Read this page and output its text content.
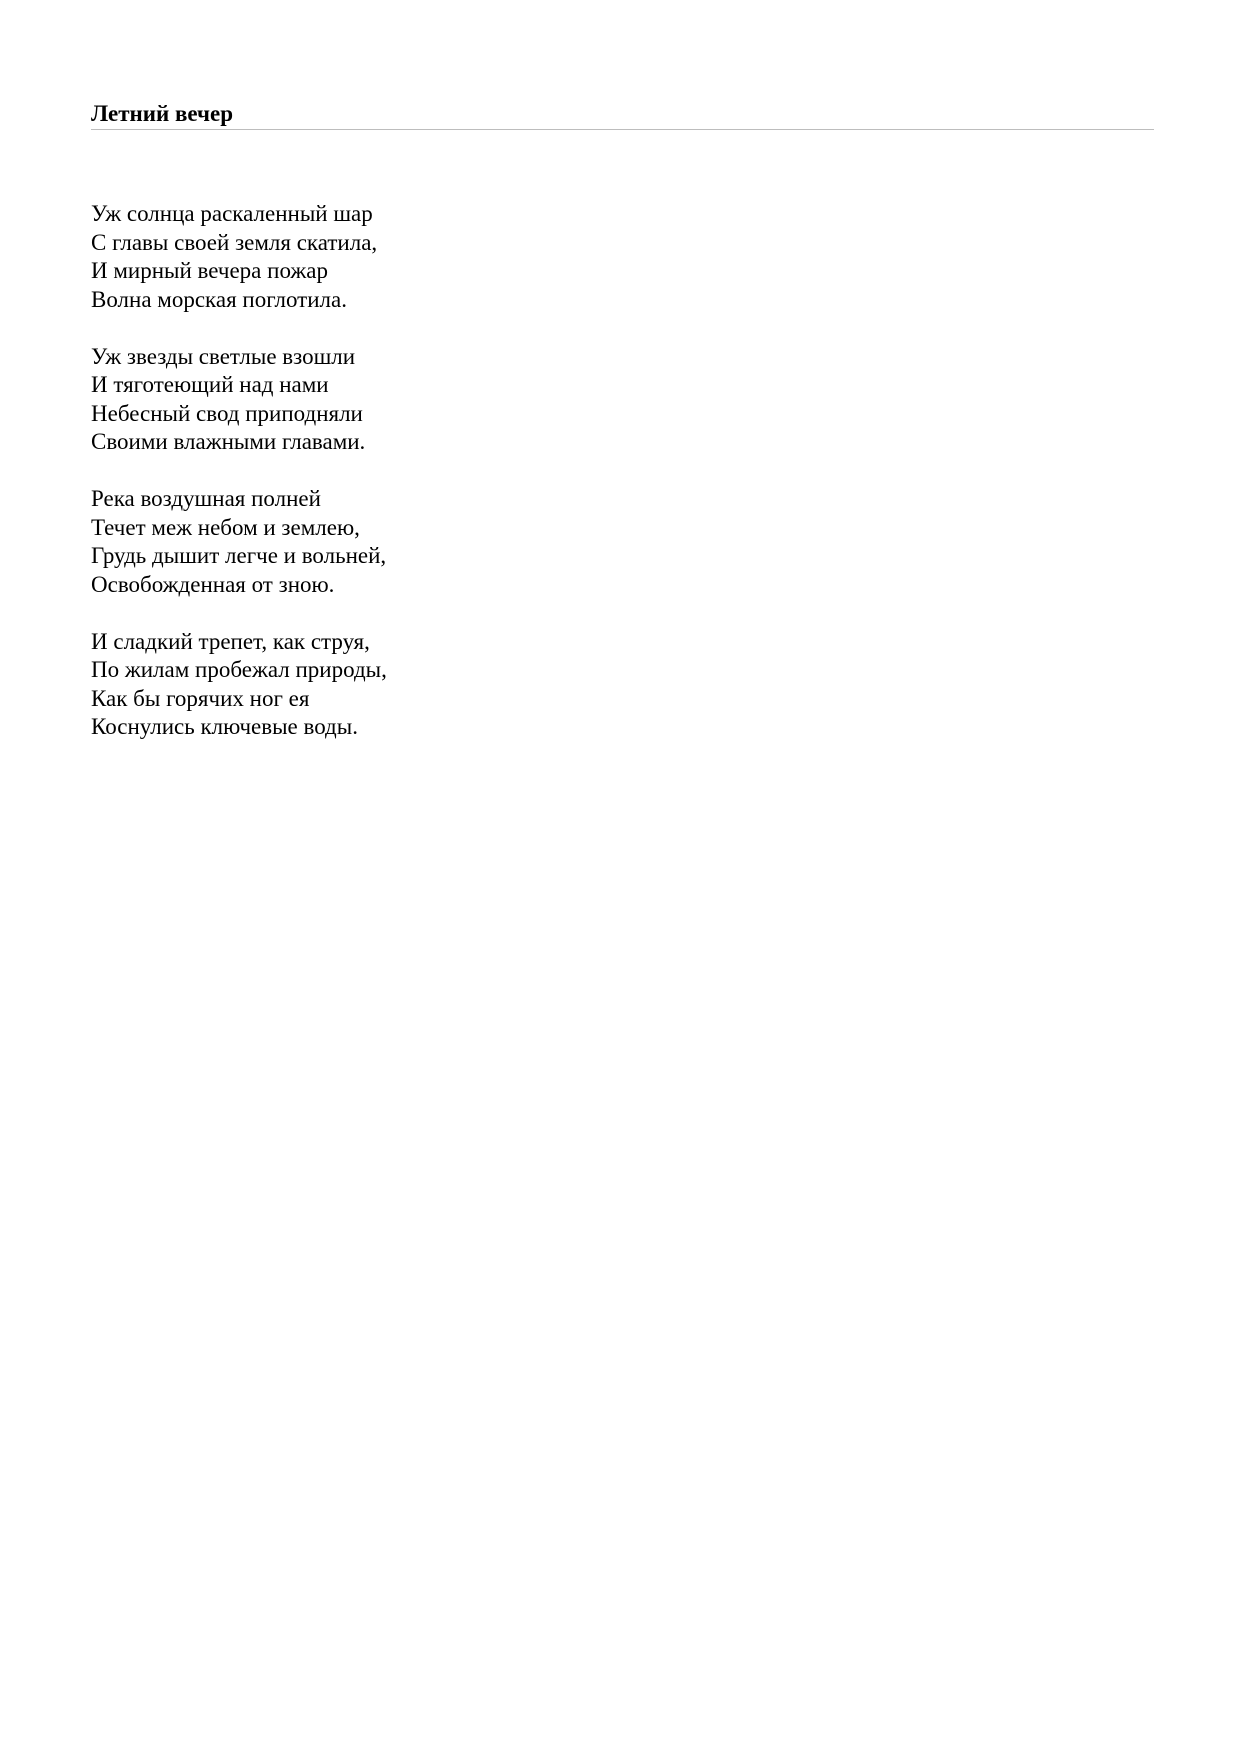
Летний вечер
Уж солнца раскаленный шар
С главы своей земля скатила,
И мирный вечера пожар
Волна морская поглотила.
Уж звезды светлые взошли
И тяготеющий над нами
Небесный свод приподняли
Своими влажными главами.
Река воздушная полней
Течет меж небом и землею,
Грудь дышит легче и вольней,
Освобожденная от зною.
И сладкий трепет, как струя,
По жилам пробежал природы,
Как бы горячих ног ея
Коснулись ключевые воды.
